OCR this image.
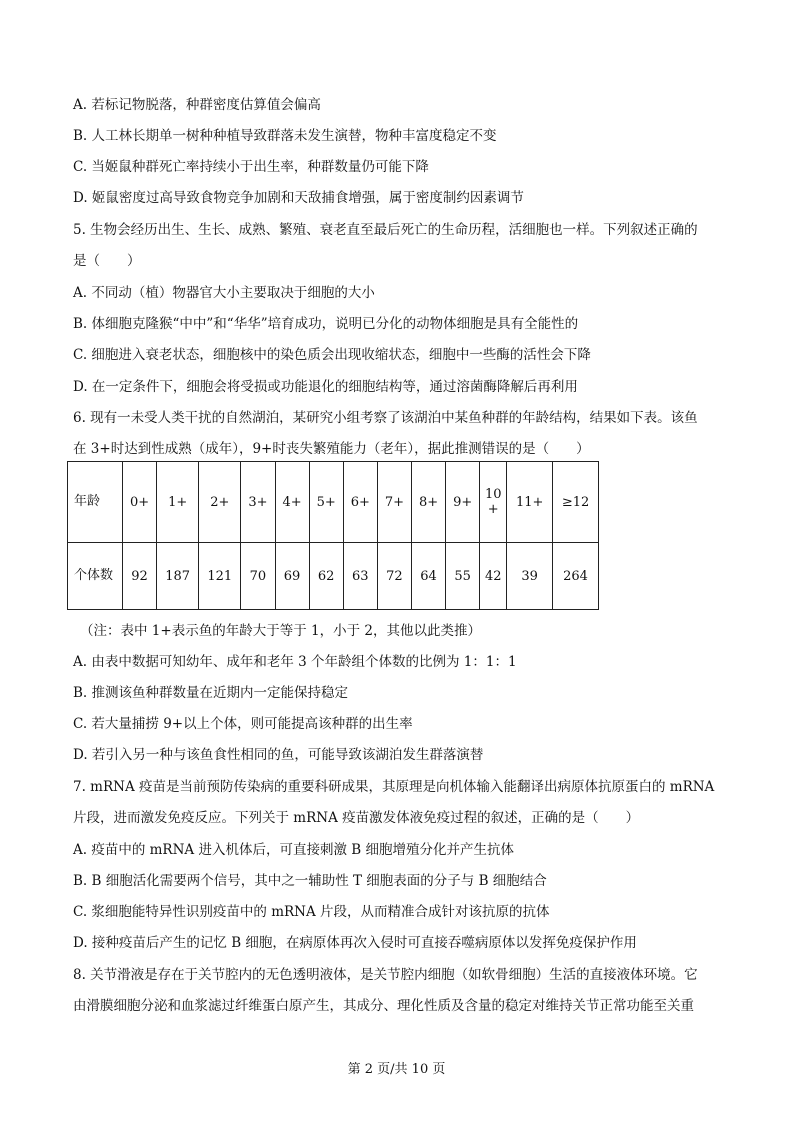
A. 若标记物脱落，种群密度估算值会偏高
B. 人工林长期单一树种种植导致群落未发生演替，物种丰富度稳定不变
C. 当姬鼠种群死亡率持续小于出生率，种群数量仍可能下降
D. 姬鼠密度过高导致食物竞争加剧和天敌捕食增强，属于密度制约因素调节
5. 生物会经历出生、生长、成熟、繁殖、衰老直至最后死亡的生命历程，活细胞也一样。下列叙述正确的
是（　　）
A. 不同动（植）物器官大小主要取决于细胞的大小
B. 体细胞克隆猴“中中”和“华华”培育成功，说明已分化的动物体细胞是具有全能性的
C. 细胞进入衰老状态，细胞核中的染色质会出现收缩状态，细胞中一些酶的活性会下降
D. 在一定条件下，细胞会将受损或功能退化的细胞结构等，通过溶菌酶降解后再利用
6. 现有一未受人类干扰的自然湖泊，某研究小组考察了该湖泊中某鱼种群的年龄结构，结果如下表。该鱼
在 3+时达到性成熟（成年），9+时丧失繁殖能力（老年），据此推测错误的是（　　）
年龄	0+	1+	2+	3+	4+	5+	6+	7+	8+	9+	10+	11+	≥12
个体数	92	187	121	70	69	62	63	72	64	55	42	39	264
（注：表中 1+表示鱼的年龄大于等于 1，小于 2，其他以此类推）
A. 由表中数据可知幼年、成年和老年 3 个年龄组个体数的比例为 1：1：1
B. 推测该鱼种群数量在近期内一定能保持稳定
C. 若大量捕捞 9+以上个体，则可能提高该种群的出生率
D. 若引入另一种与该鱼食性相同的鱼，可能导致该湖泊发生群落演替
7. mRNA 疫苗是当前预防传染病的重要科研成果，其原理是向机体输入能翻译出病原体抗原蛋白的 mRNA
片段，进而激发免疫反应。下列关于 mRNA 疫苗激发体液免疫过程的叙述，正确的是（　　）
A. 疫苗中的 mRNA 进入机体后，可直接刺激 B 细胞增殖分化并产生抗体
B. B 细胞活化需要两个信号，其中之一辅助性 T 细胞表面的分子与 B 细胞结合
C. 浆细胞能特异性识别疫苗中的 mRNA 片段，从而精准合成针对该抗原的抗体
D. 接种疫苗后产生的记忆 B 细胞，在病原体再次入侵时可直接吞噬病原体以发挥免疫保护作用
8. 关节滑液是存在于关节腔内的无色透明液体，是关节腔内细胞（如软骨细胞）生活的直接液体环境。它
由滑膜细胞分泌和血浆滤过纤维蛋白原产生，其成分、理化性质及含量的稳定对维持关节正常功能至关重
第 2 页/共 10 页
